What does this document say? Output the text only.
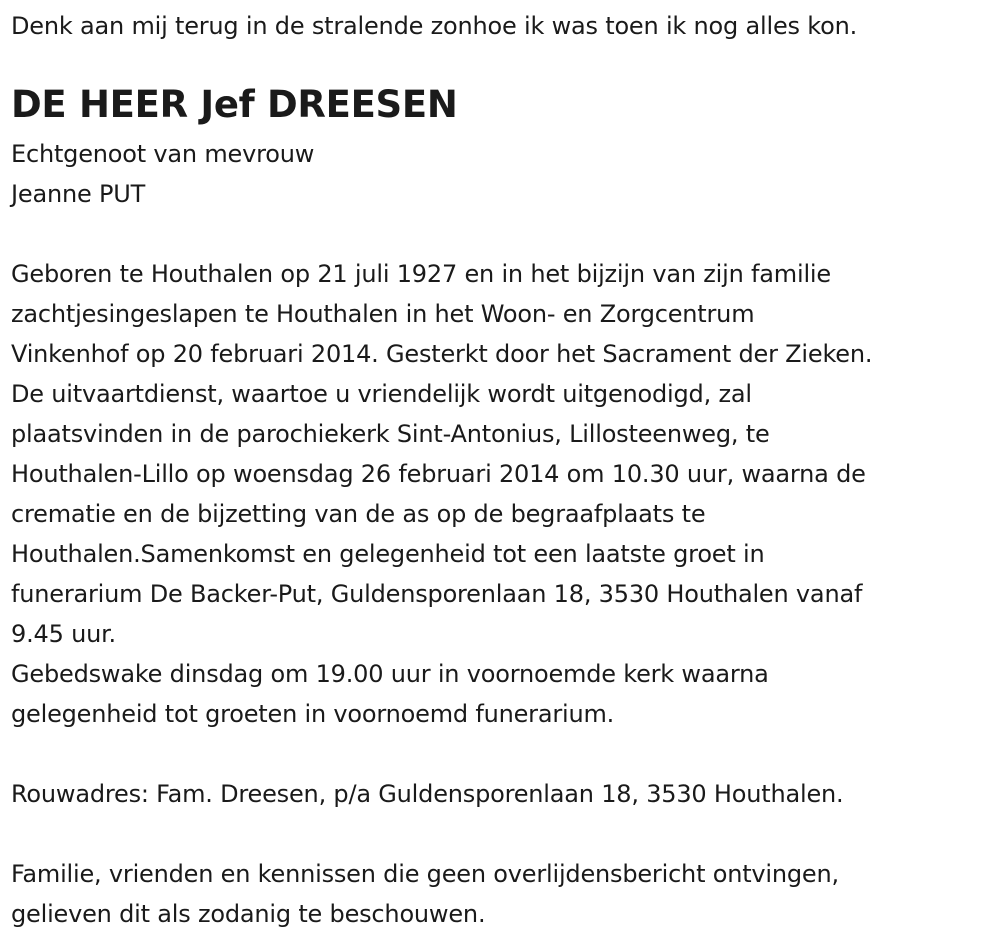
Denk aan mij terug in de stralende zonhoe ik was toen ik nog alles kon.
DE HEER Jef DREESEN
Echtgenoot van mevrouw
Jeanne PUT
Geboren te Houthalen op 21 juli 1927 en in het bijzijn van zijn familie
zachtjesingeslapen te Houthalen in het Woon- en Zorgcentrum
Vinkenhof op 20 februari 2014. Gesterkt door het Sacrament der Zieken.
De uitvaartdienst, waartoe u vriendelijk wordt uitgenodigd, zal
plaatsvinden in de parochiekerk Sint-Antonius, Lillosteenweg, te
Houthalen-Lillo op woensdag 26 februari 2014 om 10.30 uur, waarna de
crematie en de bijzetting van de as op de begraafplaats te
Houthalen.Samenkomst en gelegenheid tot een laatste groet in
funerarium De Backer-Put, Guldensporenlaan 18, 3530 Houthalen vanaf
9.45 uur.
Gebedswake dinsdag om 19.00 uur in voornoemde kerk waarna
gelegenheid tot groeten in voornoemd funerarium.
Rouwadres: Fam. Dreesen, p/a Guldensporenlaan 18, 3530 Houthalen.
Familie, vrienden en kennissen die geen overlijdensbericht ontvingen,
gelieven dit als zodanig te beschouwen.
